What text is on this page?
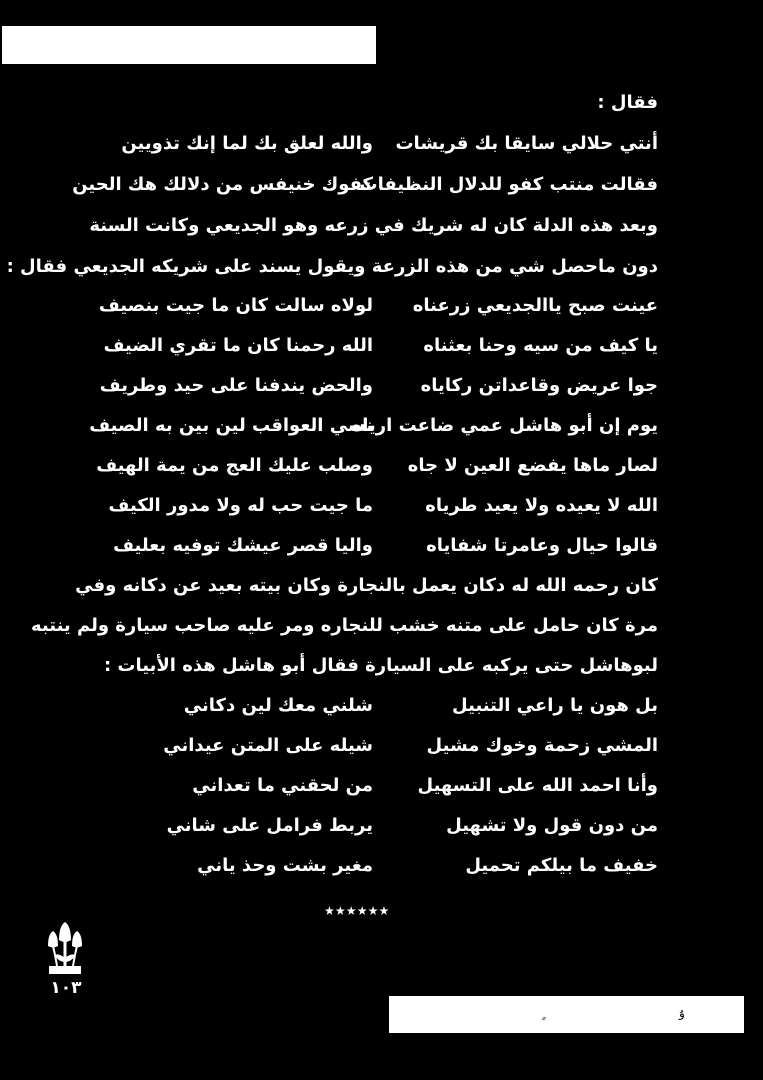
ۇ
فقال :
أنتي حلالي سايقا بك قريشات
والله لعلق بك لما إنك تذويين
فقالت منتب كفو للدلال النظيفات
كفوك خنيفس من دلالك هك الحين
وبعد هذه الدلة كان له شريك في زرعه وهو الجديعي وكانت السنة
دون ماحصل شي من هذه الزرعة ويقول يسند على شريكه الجديعي فقال :
عينت صبح ياالجديعي زرعناه
لولاه سالت كان ما جيت بنصيف
يا كيف من سيه وحنا بعثناه
الله رحمنا كان ما تقري الضيف
جوا عريض وقاعداتن ركاياه
والحض يندفنا على حيد وطريف
يوم إن أبو هاشل عمي ضاعت ارياه
نسي العواقب لين بين به الصيف
لصار ماها يفضع العين لا جاه
وصلب عليك العج من يمة الهيف
الله لا يعيده ولا يعيد طرياه
ما جيت حب له ولا مدور الكيف
قالوا حيال وعامرتا شفاياه
واليا قصر عيشك توفيه بعليف
كان رحمه الله له دكان يعمل بالنجارة وكان بيته بعيد عن دكانه وفي
مرة كان حامل على متنه خشب للنجاره ومر عليه صاحب سيارة ولم ينتبه
لبوهاشل حتى يركبه على السيارة فقال أبو هاشل هذه الأبيات :
بل هون يا راعي التنبيل
شلني معك لين دكاني
المشي زحمة وخوك مشيل
شيله على المتن عيداني
وأنا احمد الله على التسهيل
من لحقني ما تعداني
من دون قول ولا تشهيل
يربط فرامل على شاني
خفيف ما بيلكم تحميل
مغير بشت وحذ ياني
٭٭٭٭٭٭
١٠٣
